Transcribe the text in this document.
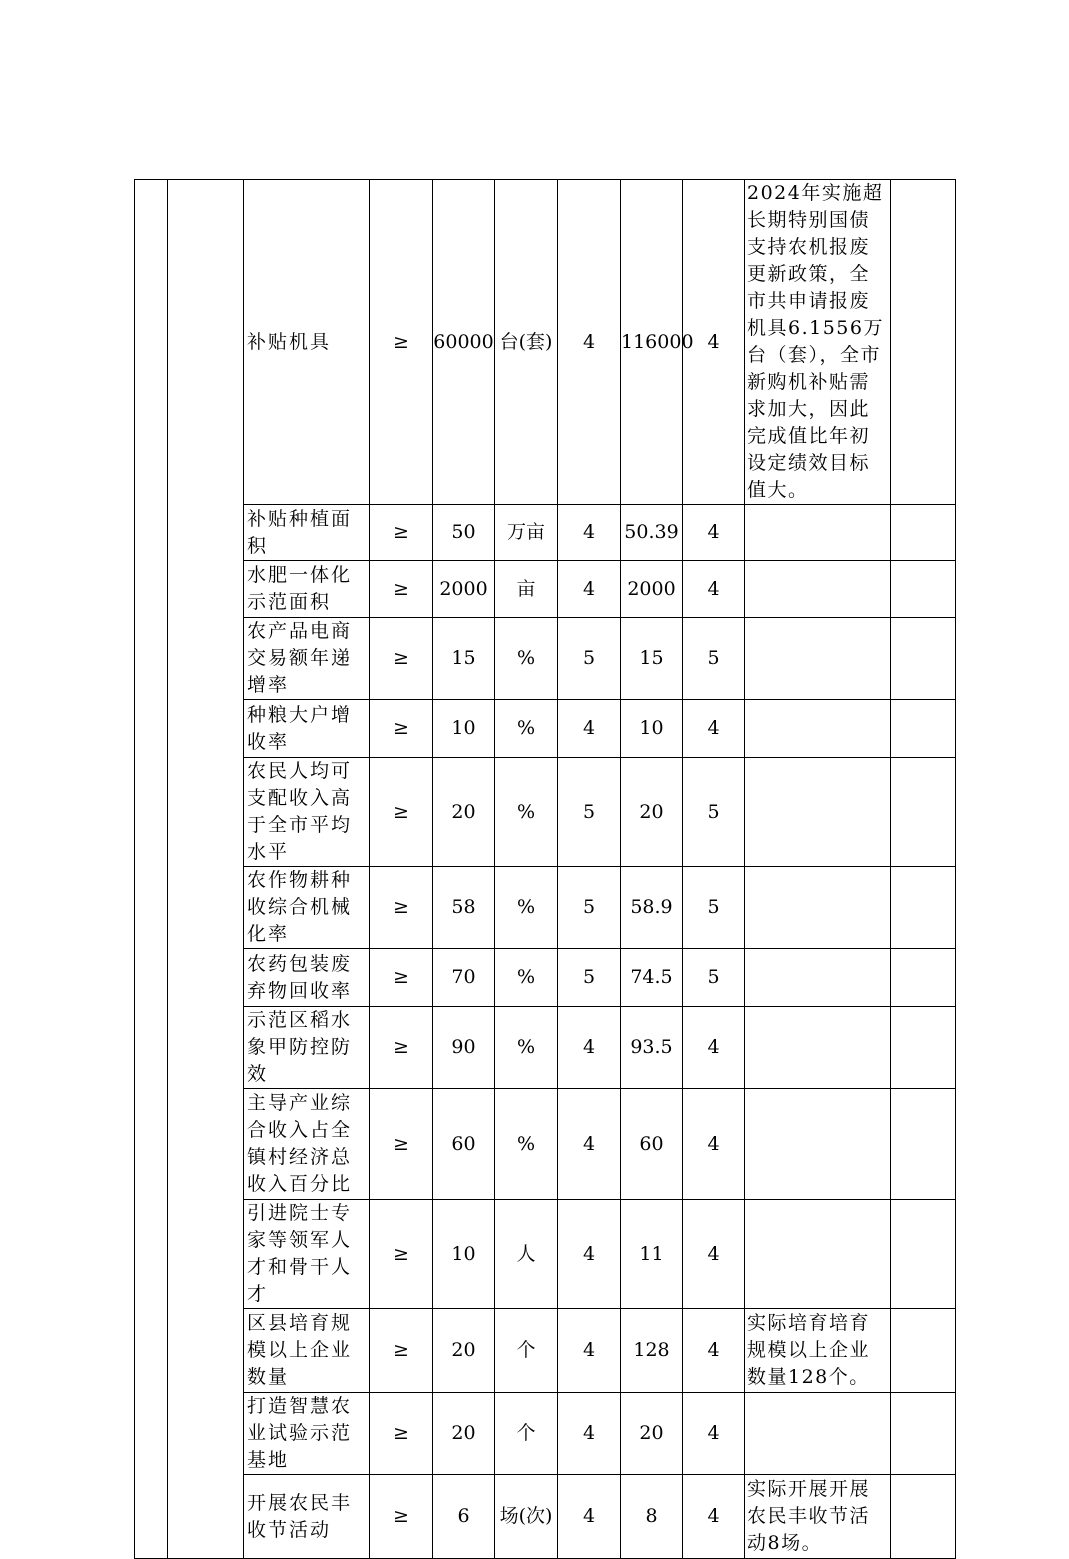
		补贴机具	≥	60000	台(套)	4	116000	4	2024年实施超长期特别国债支持农机报废更新政策，全市共申请报废机具6.1556万台（套），全市新购机补贴需求加大，因此完成值比年初设定绩效目标值大。	
		补贴种植面积	≥	50	万亩	4	50.39	4		
		水肥一体化示范面积	≥	2000	亩	4	2000	4		
		农产品电商交易额年递增率	≥	15	%	5	15	5		
		种粮大户增收率	≥	10	%	4	10	4		
		农民人均可支配收入高于全市平均水平	≥	20	%	5	20	5		
		农作物耕种收综合机械化率	≥	58	%	5	58.9	5		
		农药包装废弃物回收率	≥	70	%	5	74.5	5		
		示范区稻水象甲防控防效	≥	90	%	4	93.5	4		
		主导产业综合收入占全镇村经济总收入百分比	≥	60	%	4	60	4		
		引进院士专家等领军人才和骨干人才	≥	10	人	4	11	4		
		区县培育规模以上企业数量	≥	20	个	4	128	4	实际培育培育规模以上企业数量128个。	
		打造智慧农业试验示范基地	≥	20	个	4	20	4		
		开展农民丰收节活动	≥	6	场(次)	4	8	4	实际开展开展农民丰收节活动8场。	
